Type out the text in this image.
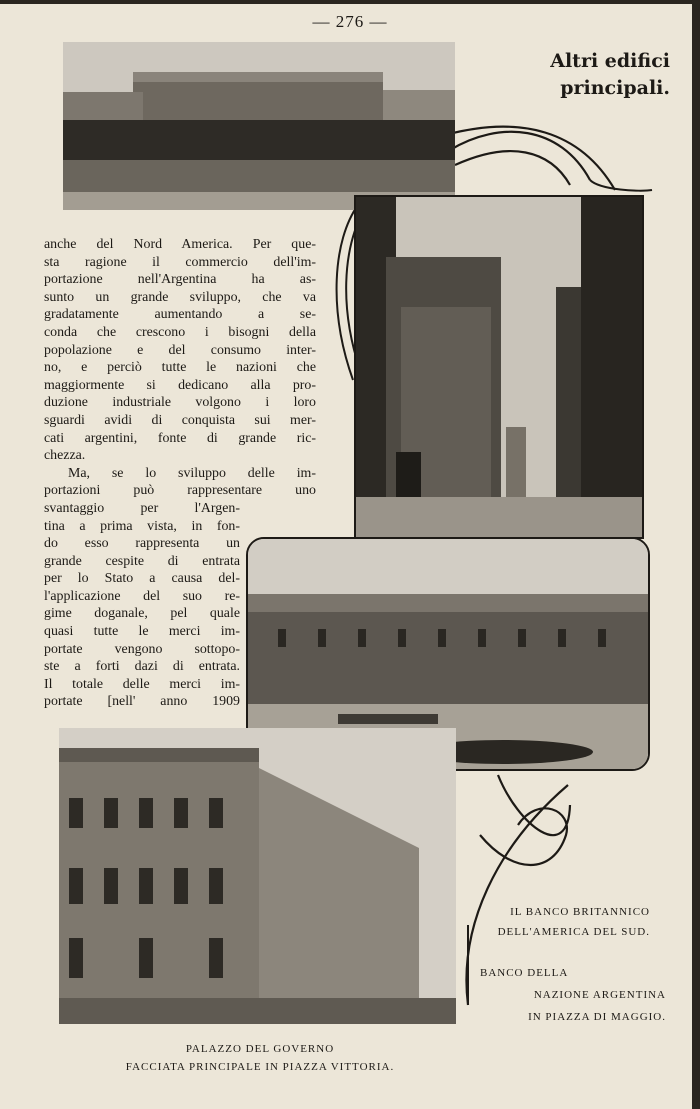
— 276 —
Altri edifici
principali.
anche del Nord America. Per que-
sta ragione il commercio dell'im-
portazione nell'Argentina ha as-
sunto un grande sviluppo, che va
gradatamente aumentando a se-
conda che crescono i bisogni della
popolazione e del consumo inter-
no, e perciò tutte le nazioni che
maggiormente si dedicano alla pro-
duzione industriale volgono i loro
sguardi avidi di conquista sui mer-
cati argentini, fonte di grande ric-
chezza.
Ma, se lo sviluppo delle im-
portazioni può rappresentare uno
svantaggio per l'Argen-
tina a prima vista, in fon-
do esso rappresenta un
grande cespite di entrata
per lo Stato a causa del-
l'applicazione del suo re-
gime doganale, pel quale
quasi tutte le merci im-
portate vengono sottopo-
ste a forti dazi di entrata.
Il totale delle merci im-
portate [nell' anno 1909
IL BANCO BRITANNICO
DELL'AMERICA DEL SUD.
BANCO DELLA
NAZIONE ARGENTINA
IN PIAZZA DI MAGGIO.
PALAZZO DEL GOVERNO
FACCIATA PRINCIPALE IN PIAZZA VITTORIA.
